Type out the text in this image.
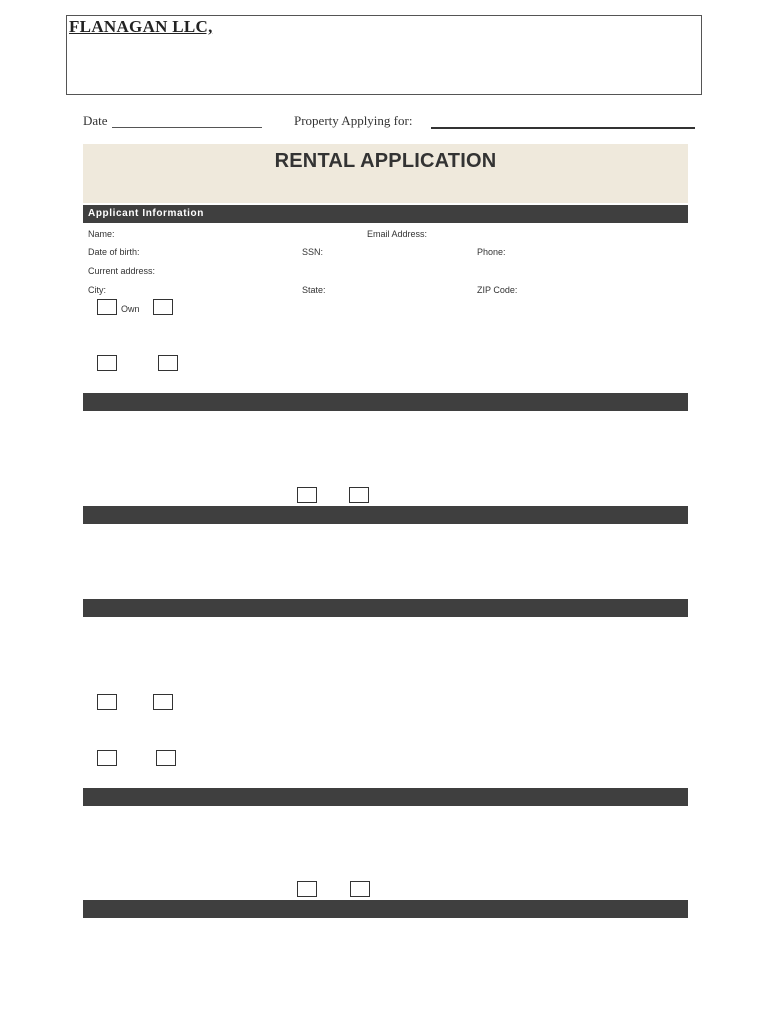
FLANAGAN LLC,
Date	Property Applying for:
RENTAL APPLICATION
Applicant Information
Name:	Email Address:
Date of birth:	SSN:	Phone:
Current address:
City:	State:	ZIP Code:
Own
